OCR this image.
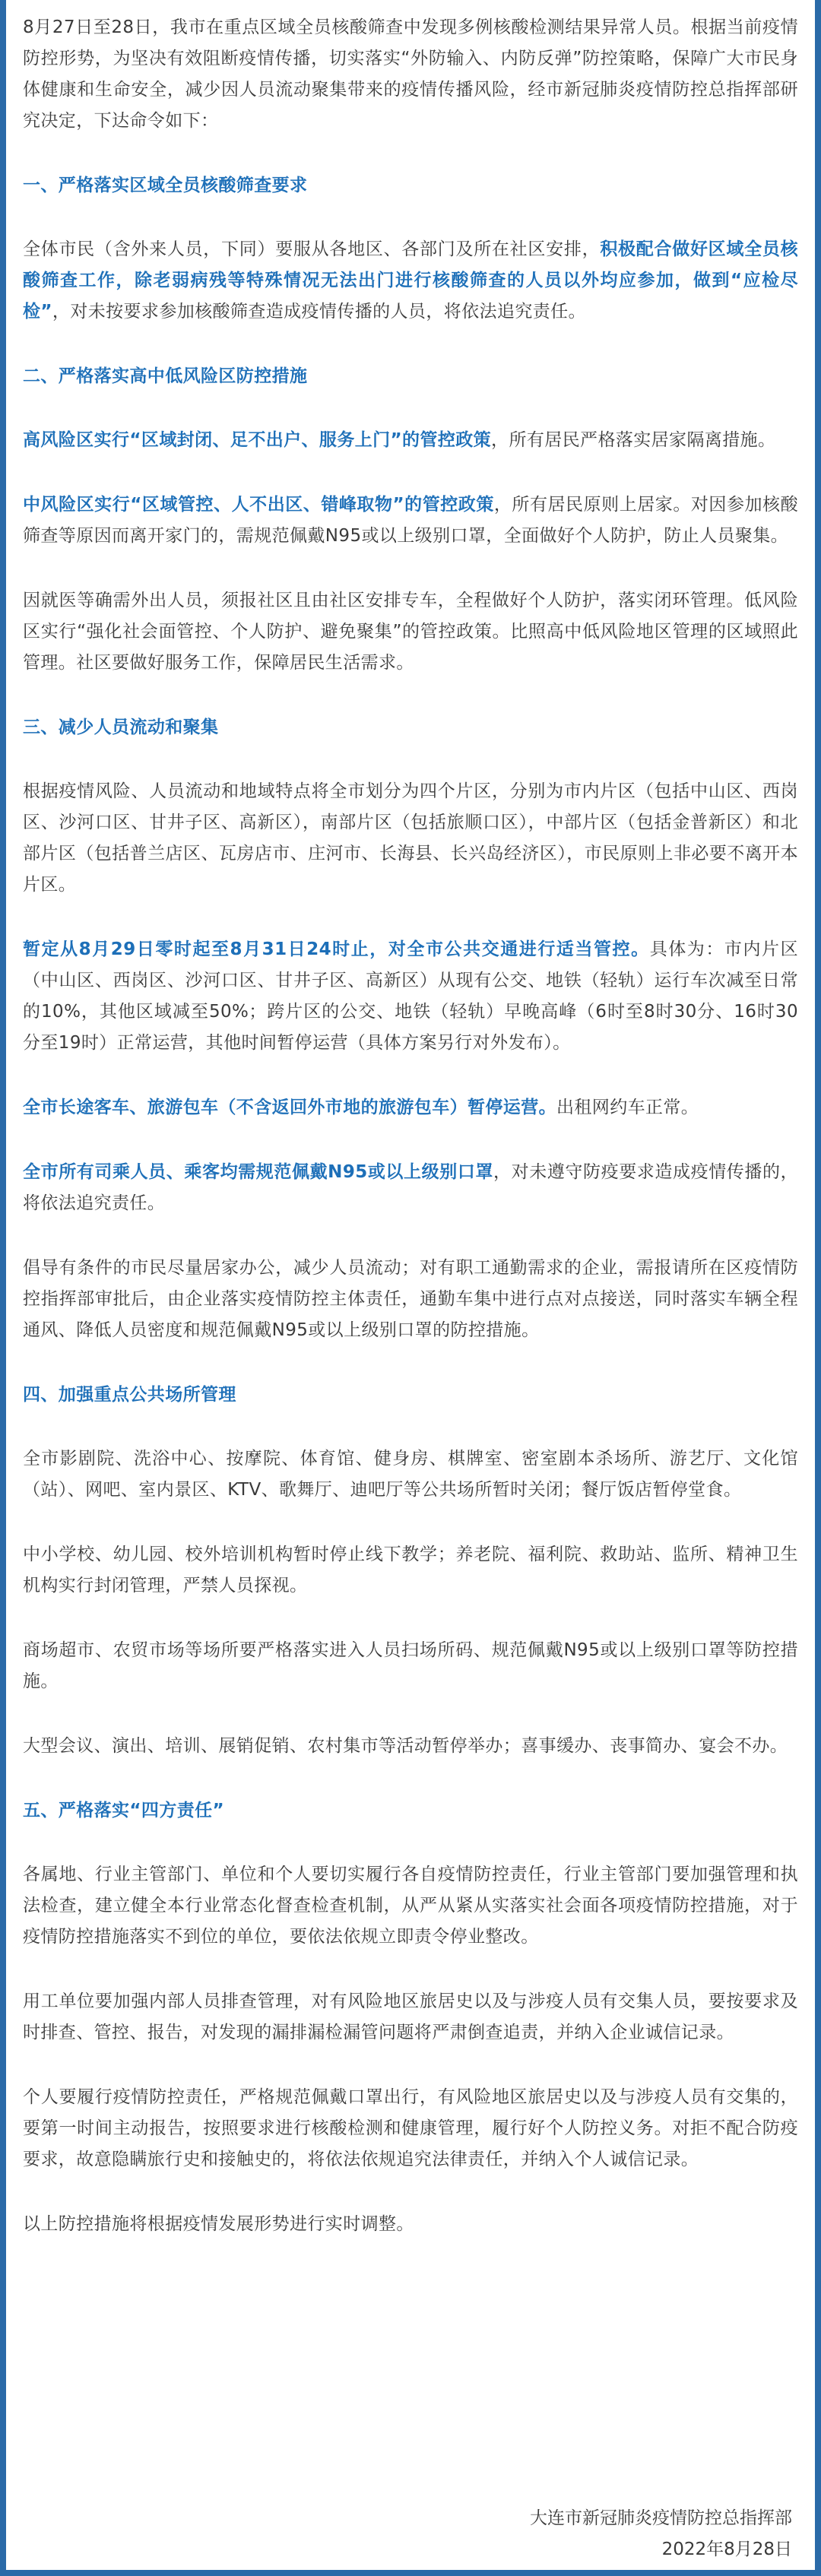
8月27日至28日，我市在重点区域全员核酸筛查中发现多例核酸检测结果异常人员。根据当前疫情防控形势，为坚决有效阻断疫情传播，切实落实“外防输入、内防反弹”防控策略，保障广大市民身体健康和生命安全，减少因人员流动聚集带来的疫情传播风险，经市新冠肺炎疫情防控总指挥部研究决定，下达命令如下：

一、严格落实区域全员核酸筛查要求

全体市民（含外来人员，下同）要服从各地区、各部门及所在社区安排，积极配合做好区域全员核酸筛查工作，除老弱病残等特殊情况无法出门进行核酸筛查的人员以外均应参加，做到“应检尽检”，对未按要求参加核酸筛查造成疫情传播的人员，将依法追究责任。

二、严格落实高中低风险区防控措施

高风险区实行“区域封闭、足不出户、服务上门”的管控政策，所有居民严格落实居家隔离措施。

中风险区实行“区域管控、人不出区、错峰取物”的管控政策，所有居民原则上居家。对因参加核酸筛查等原因而离开家门的，需规范佩戴N95或以上级别口罩，全面做好个人防护，防止人员聚集。

因就医等确需外出人员，须报社区且由社区安排专车，全程做好个人防护，落实闭环管理。低风险区实行“强化社会面管控、个人防护、避免聚集”的管控政策。比照高中低风险地区管理的区域照此管理。社区要做好服务工作，保障居民生活需求。

三、减少人员流动和聚集

根据疫情风险、人员流动和地域特点将全市划分为四个片区，分别为市内片区（包括中山区、西岗区、沙河口区、甘井子区、高新区），南部片区（包括旅顺口区），中部片区（包括金普新区）和北部片区（包括普兰店区、瓦房店市、庄河市、长海县、长兴岛经济区），市民原则上非必要不离开本片区。

暂定从8月29日零时起至8月31日24时止，对全市公共交通进行适当管控。具体为：市内片区（中山区、西岗区、沙河口区、甘井子区、高新区）从现有公交、地铁（轻轨）运行车次减至日常的10%，其他区域减至50%；跨片区的公交、地铁（轻轨）早晚高峰（6时至8时30分、16时30分至19时）正常运营，其他时间暂停运营（具体方案另行对外发布）。

全市长途客车、旅游包车（不含返回外市地的旅游包车）暂停运营。出租网约车正常。

全市所有司乘人员、乘客均需规范佩戴N95或以上级别口罩，对未遵守防疫要求造成疫情传播的，将依法追究责任。

倡导有条件的市民尽量居家办公，减少人员流动；对有职工通勤需求的企业，需报请所在区疫情防控指挥部审批后，由企业落实疫情防控主体责任，通勤车集中进行点对点接送，同时落实车辆全程通风、降低人员密度和规范佩戴N95或以上级别口罩的防控措施。

四、加强重点公共场所管理

全市影剧院、洗浴中心、按摩院、体育馆、健身房、棋牌室、密室剧本杀场所、游艺厅、文化馆（站）、网吧、室内景区、KTV、歌舞厅、迪吧厅等公共场所暂时关闭；餐厅饭店暂停堂食。

中小学校、幼儿园、校外培训机构暂时停止线下教学；养老院、福利院、救助站、监所、精神卫生机构实行封闭管理，严禁人员探视。

商场超市、农贸市场等场所要严格落实进入人员扫场所码、规范佩戴N95或以上级别口罩等防控措施。

大型会议、演出、培训、展销促销、农村集市等活动暂停举办；喜事缓办、丧事简办、宴会不办。

五、严格落实“四方责任”

各属地、行业主管部门、单位和个人要切实履行各自疫情防控责任，行业主管部门要加强管理和执法检查，建立健全本行业常态化督查检查机制，从严从紧从实落实社会面各项疫情防控措施，对于疫情防控措施落实不到位的单位，要依法依规立即责令停业整改。

用工单位要加强内部人员排查管理，对有风险地区旅居史以及与涉疫人员有交集人员，要按要求及时排查、管控、报告，对发现的漏排漏检漏管问题将严肃倒查追责，并纳入企业诚信记录。

个人要履行疫情防控责任，严格规范佩戴口罩出行，有风险地区旅居史以及与涉疫人员有交集的，要第一时间主动报告，按照要求进行核酸检测和健康管理，履行好个人防控义务。对拒不配合防疫要求，故意隐瞒旅行史和接触史的，将依法依规追究法律责任，并纳入个人诚信记录。

以上防控措施将根据疫情发展形势进行实时调整。

大连市新冠肺炎疫情防控总指挥部
2022年8月28日
